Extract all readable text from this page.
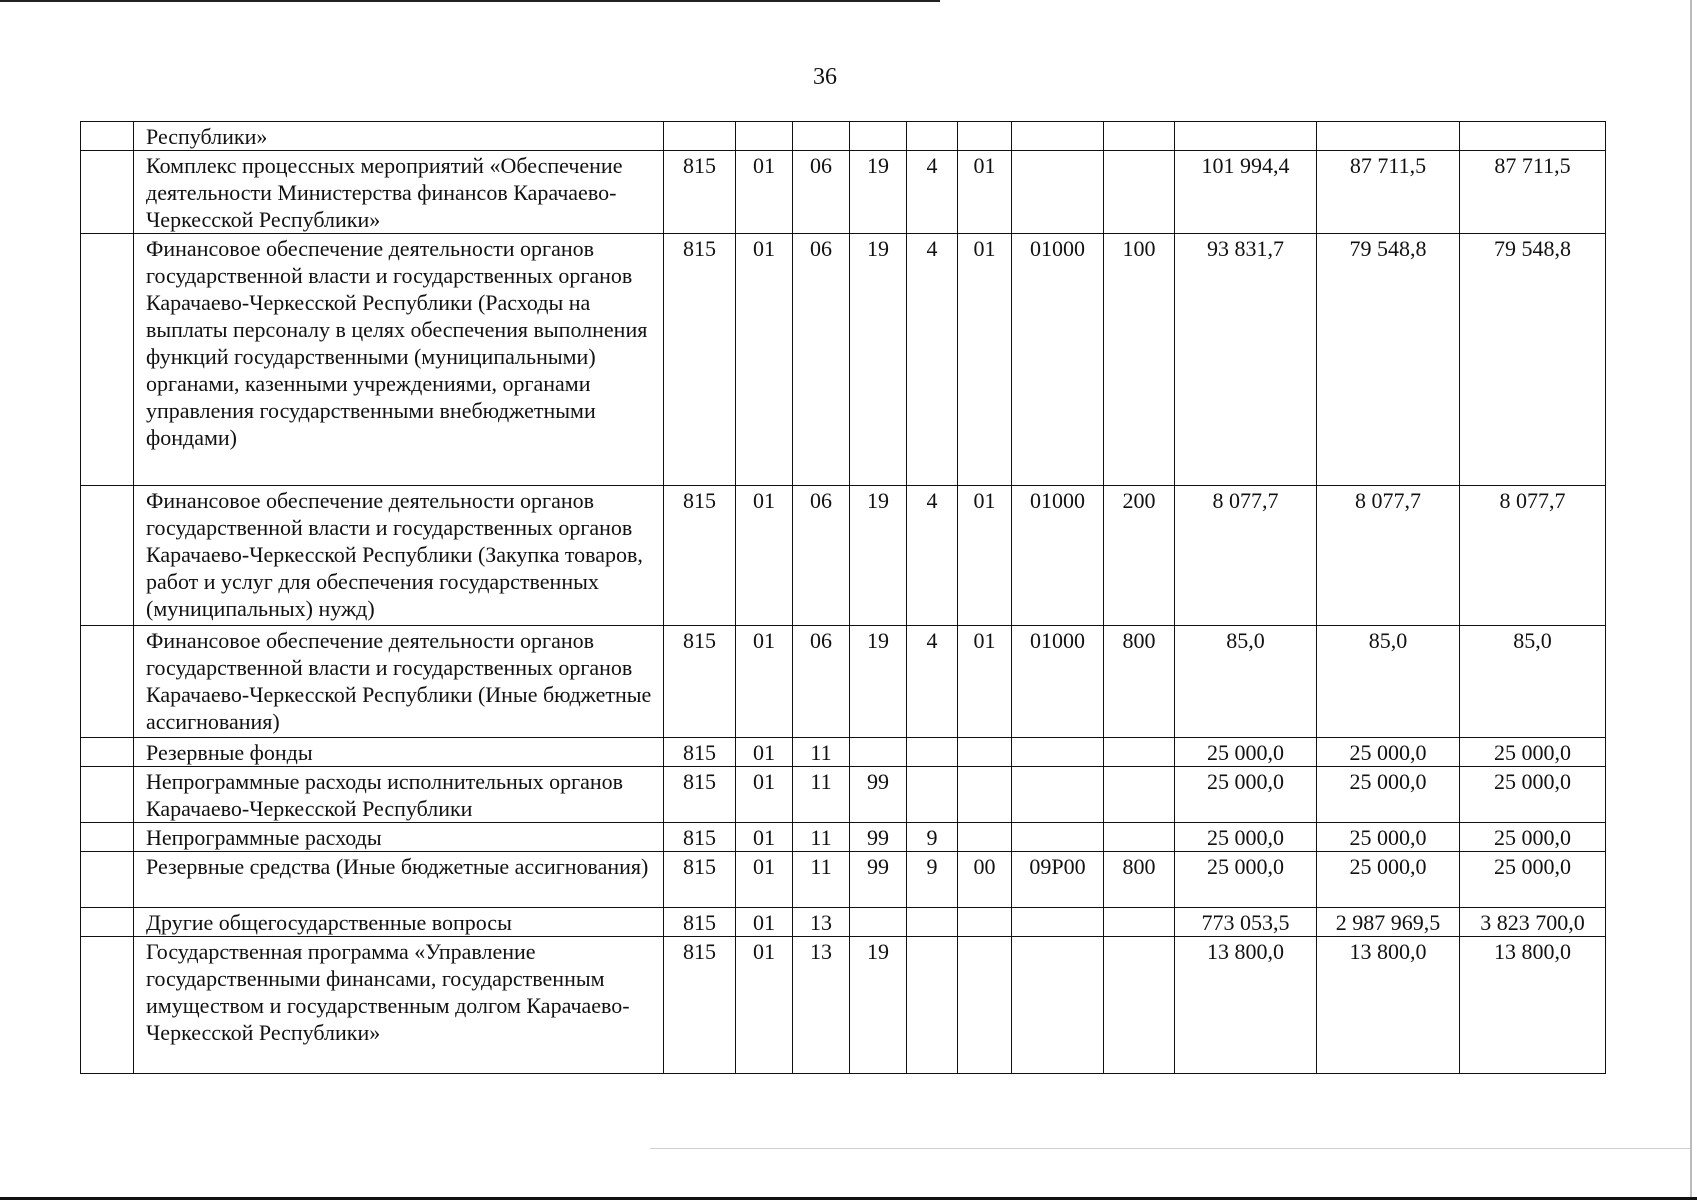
36
	Республики»											
	Комплекс процессных мероприятий «Обеспечение деятельности Министерства финансов Карачаево-Черкесской Республики»	815	01	06	19	4	01			101 994,4	87 711,5	87 711,5
	Финансовое обеспечение деятельности органов государственной власти и государственных органов Карачаево-Черкесской Республики (Расходы на выплаты персоналу в целях обеспечения выполнения функций государственными (муниципальными) органами, казенными учреждениями, органами управления государственными внебюджетными фондами)	815	01	06	19	4	01	01000	100	93 831,7	79 548,8	79 548,8
	Финансовое обеспечение деятельности органов государственной власти и государственных органов Карачаево-Черкесской Республики (Закупка товаров, работ и услуг для обеспечения государственных (муниципальных) нужд)	815	01	06	19	4	01	01000	200	8 077,7	8 077,7	8 077,7
	Финансовое обеспечение деятельности органов государственной власти и государственных органов Карачаево-Черкесской Республики (Иные бюджетные ассигнования)	815	01	06	19	4	01	01000	800	85,0	85,0	85,0
	Резервные фонды	815	01	11						25 000,0	25 000,0	25 000,0
	Непрограммные расходы исполнительных органов Карачаево-Черкесской Республики	815	01	11	99					25 000,0	25 000,0	25 000,0
	Непрограммные расходы	815	01	11	99	9				25 000,0	25 000,0	25 000,0
	Резервные средства (Иные бюджетные ассигнования)	815	01	11	99	9	00	09Р00	800	25 000,0	25 000,0	25 000,0
	Другие общегосударственные вопросы	815	01	13						773 053,5	2 987 969,5	3 823 700,0
	Государственная программа «Управление государственными финансами, государственным имуществом и государственным долгом Карачаево-Черкесской Республики»	815	01	13	19					13 800,0	13 800,0	13 800,0
